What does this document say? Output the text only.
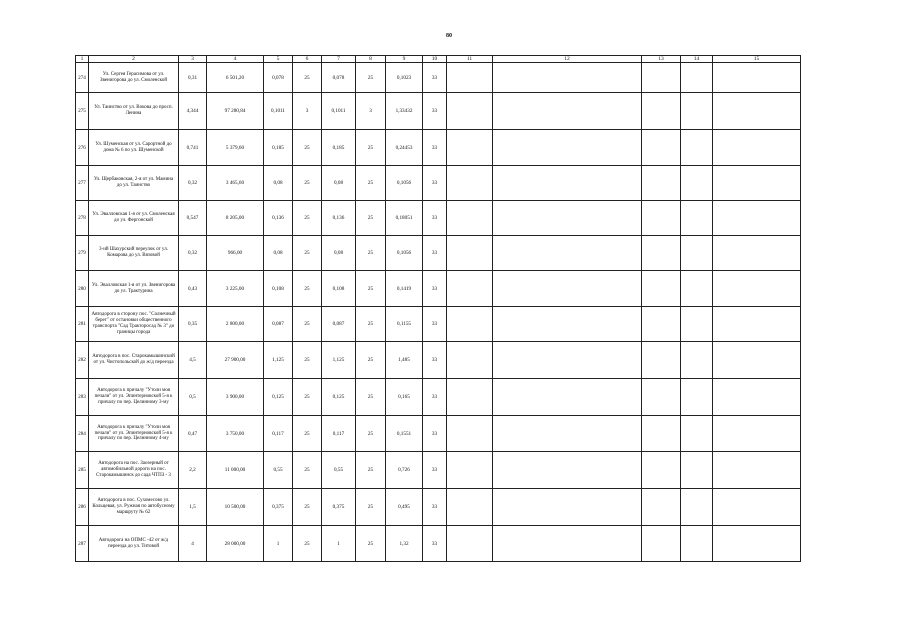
80
1	2	3	4	5	6	7	8	9	10	11	12	13	14	15
274	Ул. Сергея Герасимова от ул. Звенигорова до ул. Смоленской	0,31	6 501,20	0,078	25	0,078	25	0,1023	33					
275	Ул. Таинство от ул. Вокова до просп. Ленина	4,344	97 280,84	0,1011	3	0,1011	3	1,33432	33					
276	Ул. Шуменская от ул. Сарортной до дома № 6 по ул. Шуменской	0,741	5 379,60	0,185	25	0,185	25	0,24453	33					
277	Ул. Щербаковская, 2-я от ул. Мамина до ул. Таинство	0,32	3 465,60	0,08	25	0,08	25	0,1056	33					
278	Ул. Эвалловская 1-я от ул. Смоленская до ул. Фергонской	0,547	8 205,00	0,136	25	0,136	25	0,18051	33					
279	3-ий Шахурский переулок от ул. Комарова до ул. Вязовой	0,32	966,00	0,08	25	0,08	25	0,1056	33					
280	Ул. Эвалловская 1-я от ул. Звенигорова до ул. Трактурина	0,43	3 225,00	0,108	25	0,108	25	0,1419	33					
281	Автодорога в сторону пос. "Солнечный берег" от остановки общественного транспорта "Сад Тракторосад № 3" до границы города	0,35	2 800,00	0,087	25	0,087	25	0,1155	33					
282	Автодорога в пос. Старокамышинский от ул. Чистопольской до ж/д переезда	4,5	27 900,00	1,125	25	1,125	25	1,485	33					
283	Автодорога к причалу "Утоли моя печали" от ул. Эпинтерновской 5-я к причалу по пер. Целинному 3-му	0,5	3 900,00	0,125	25	0,125	25	0,165	33					
284	Автодорога к причалу "Утоли моя печали" от ул. Эпинтерновской 5-я к причалу по пер. Целинному 4-му	0,47	3 750,00	0,117	25	0,117	25	0,1551	33					
285	Автодорога на пос. Заозерный от автомобильной дороги на пос. Старокамышинск до сада ЧТПЗ - 3	2,2	11 000,00	0,55	25	0,55	25	0,726	33					
286	Автодорога в пос. Сухомесово ул. Кольцевая, ул. Ружная по автобусному маршруту № 62	1,5	10 500,00	0,375	25	0,375	25	0,495	33					
287	Автодорога на ОПМС -42 от ж/д переезда до ул. Титовой	4	28 000,00	1	25	1	25	1,32	33					
